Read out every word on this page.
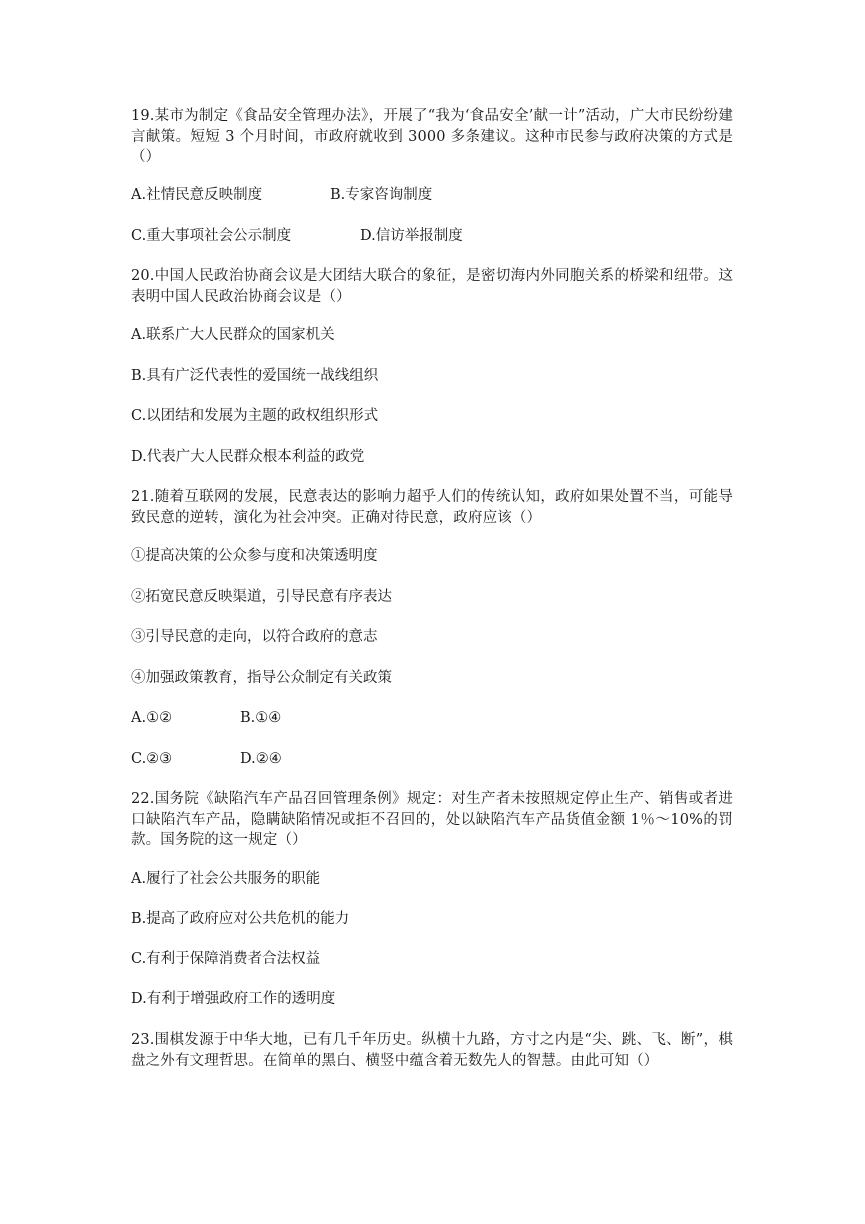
19.某市为制定《食品安全管理办法》，开展了“我为‘食品安全’献一计”活动，广大市民纷纷建言献策。短短 3 个月时间，市政府就收到 3000 多条建议。这种市民参与政府决策的方式是（）
A.社情民意反映制度	B.专家咨询制度
C.重大事项社会公示制度	D.信访举报制度
20.中国人民政治协商会议是大团结大联合的象征，是密切海内外同胞关系的桥梁和纽带。这表明中国人民政治协商会议是（）
A.联系广大人民群众的国家机关
B.具有广泛代表性的爱国统一战线组织
C.以团结和发展为主题的政权组织形式
D.代表广大人民群众根本利益的政党
21.随着互联网的发展，民意表达的影响力超乎人们的传统认知，政府如果处置不当，可能导致民意的逆转，演化为社会冲突。正确对待民意，政府应该（）
①提高决策的公众参与度和决策透明度
②拓宽民意反映渠道，引导民意有序表达
③引导民意的走向，以符合政府的意志
④加强政策教育，指导公众制定有关政策
A.①②	B.①④
C.②③	D.②④
22.国务院《缺陷汽车产品召回管理条例》规定：对生产者未按照规定停止生产、销售或者进口缺陷汽车产品，隐瞒缺陷情况或拒不召回的，处以缺陷汽车产品货值金额 1％～10%的罚款。国务院的这一规定（）
A.履行了社会公共服务的职能
B.提高了政府应对公共危机的能力
C.有利于保障消费者合法权益
D.有利于增强政府工作的透明度
23.围棋发源于中华大地，已有几千年历史。纵横十九路，方寸之内是“尖、跳、飞、断”，棋盘之外有文理哲思。在简单的黑白、横竖中蕴含着无数先人的智慧。由此可知（）
